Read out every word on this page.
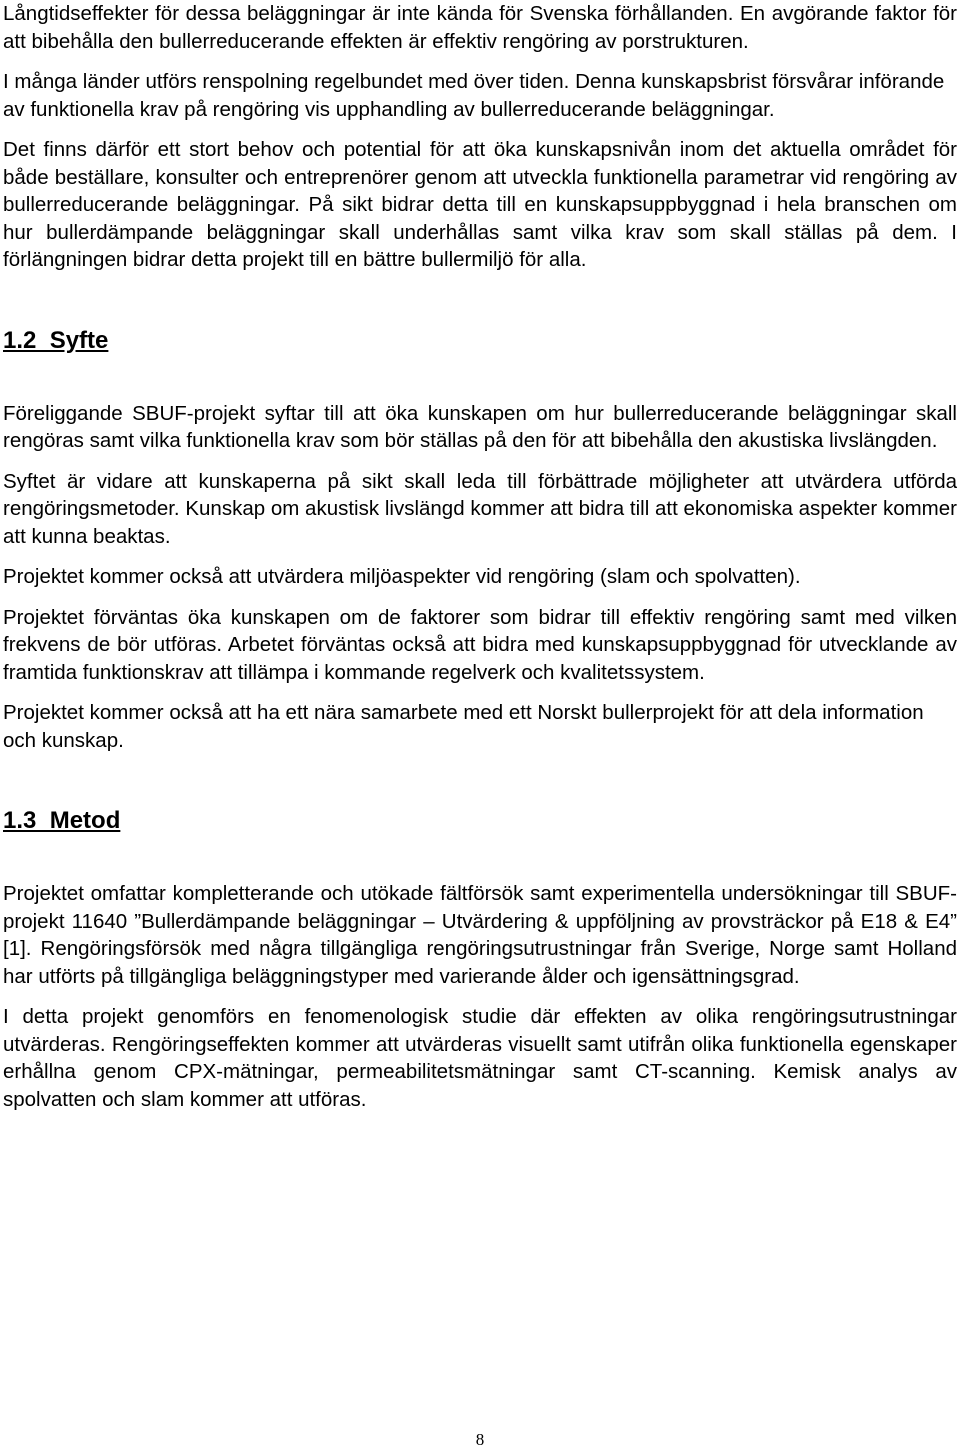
Långtidseffekter för dessa beläggningar är inte kända för Svenska förhållanden. En avgörande faktor för att bibehålla den bullerreducerande effekten är effektiv rengöring av porstrukturen.

I många länder utförs renspolning regelbundet med över tiden. Denna kunskapsbrist försvårar införande av funktionella krav på rengöring vis upphandling av bullerreducerande beläggningar.

Det finns därför ett stort behov och potential för att öka kunskapsnivån inom det aktuella området för både beställare, konsulter och entreprenörer genom att utveckla funktionella parametrar vid rengöring av bullerreducerande beläggningar. På sikt bidrar detta till en kunskapsuppbyggnad i hela branschen om hur bullerdämpande beläggningar skall underhållas samt vilka krav som skall ställas på dem. I förlängningen bidrar detta projekt till en bättre bullermiljö för alla.

1.2  Syfte

Föreliggande SBUF-projekt syftar till att öka kunskapen om hur bullerreducerande beläggningar skall rengöras samt vilka funktionella krav som bör ställas på den för att bibehålla den akustiska livslängden.

Syftet är vidare att kunskaperna på sikt skall leda till förbättrade möjligheter att utvärdera utförda rengöringsmetoder. Kunskap om akustisk livslängd kommer att bidra till att ekonomiska aspekter kommer att kunna beaktas.

Projektet kommer också att utvärdera miljöaspekter vid rengöring (slam och spolvatten).

Projektet förväntas öka kunskapen om de faktorer som bidrar till effektiv rengöring samt med vilken frekvens de bör utföras. Arbetet förväntas också att bidra med kunskapsuppbyggnad för utvecklande av framtida funktionskrav att tillämpa i kommande regelverk och kvalitetssystem.

Projektet kommer också att ha ett nära samarbete med ett Norskt bullerprojekt för att dela information och kunskap.

1.3  Metod

Projektet omfattar kompletterande och utökade fältförsök samt experimentella undersökningar till SBUF-projekt 11640 ”Bullerdämpande beläggningar – Utvärdering & uppföljning av provsträckor på E18 & E4” [1]. Rengöringsförsök med några tillgängliga rengöringsutrustningar från Sverige, Norge samt Holland har utförts på tillgängliga beläggningstyper med varierande ålder och igensättningsgrad.

I detta projekt genomförs en fenomenologisk studie där effekten av olika rengöringsutrustningar utvärderas. Rengöringseffekten kommer att utvärderas visuellt samt utifrån olika funktionella egenskaper erhållna genom CPX-mätningar, permeabilitetsmätningar samt CT-scanning. Kemisk analys av spolvatten och slam kommer att utföras.

8
